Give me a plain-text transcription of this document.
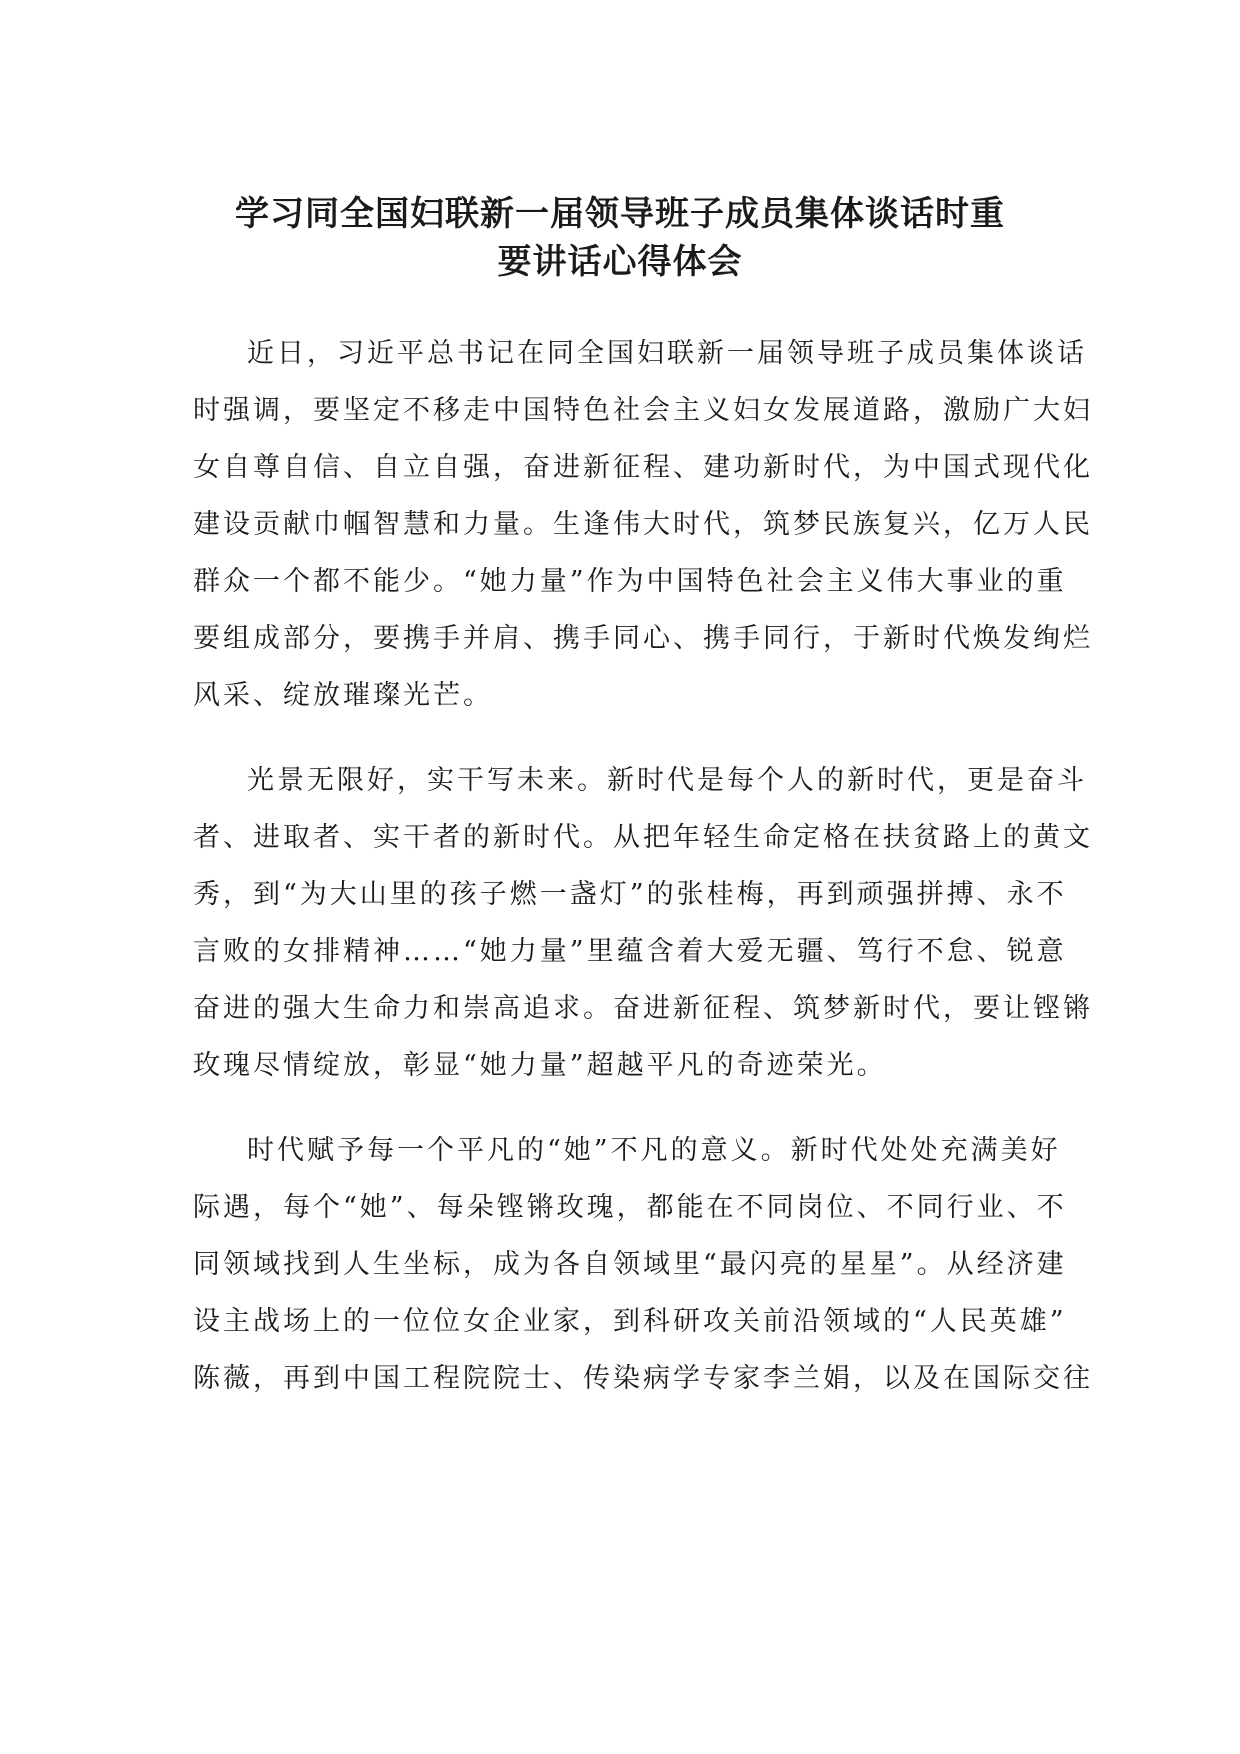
学习同全国妇联新一届领导班子成员集体谈话时重
要讲话心得体会

近日，习近平总书记在同全国妇联新一届领导班子成员集体谈话
时强调，要坚定不移走中国特色社会主义妇女发展道路，激励广大妇
女自尊自信、自立自强，奋进新征程、建功新时代，为中国式现代化
建设贡献巾帼智慧和力量。生逢伟大时代，筑梦民族复兴，亿万人民
群众一个都不能少。“她力量”作为中国特色社会主义伟大事业的重
要组成部分，要携手并肩、携手同心、携手同行，于新时代焕发绚烂
风采、绽放璀璨光芒。

光景无限好，实干写未来。新时代是每个人的新时代，更是奋斗
者、进取者、实干者的新时代。从把年轻生命定格在扶贫路上的黄文
秀，到“为大山里的孩子燃一盏灯”的张桂梅，再到顽强拼搏、永不
言败的女排精神……“她力量”里蕴含着大爱无疆、笃行不怠、锐意
奋进的强大生命力和崇高追求。奋进新征程、筑梦新时代，要让铿锵
玫瑰尽情绽放，彰显“她力量”超越平凡的奇迹荣光。

时代赋予每一个平凡的“她”不凡的意义。新时代处处充满美好
际遇，每个“她”、每朵铿锵玫瑰，都能在不同岗位、不同行业、不
同领域找到人生坐标，成为各自领域里“最闪亮的星星”。从经济建
设主战场上的一位位女企业家，到科研攻关前沿领域的“人民英雄”
陈薇，再到中国工程院院士、传染病学专家李兰娟，以及在国际交往
